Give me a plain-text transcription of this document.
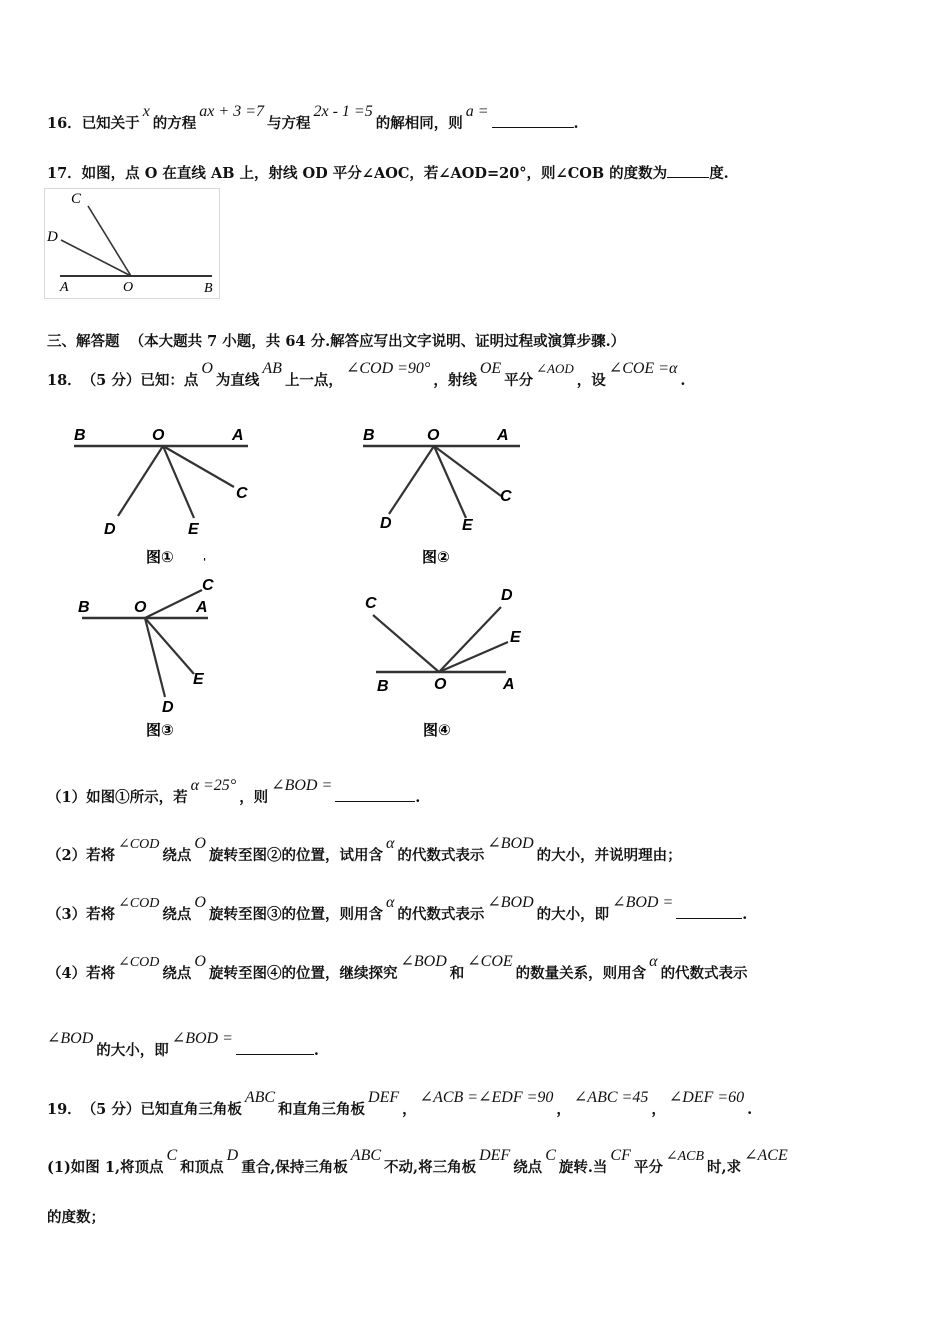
16．已知关于x的方程ax + 3 =7与方程2x - 1 =5的解相同，则a =.
17．如图，点 O 在直线 AB 上，射线 OD 平分∠AOC，若∠AOD=20°，则∠COB 的度数为	度.
C
D
A	O	B
三、解答题 （本大题共 7 小题，共 64 分.解答应写出文字说明、证明过程或演算步骤.）
18．（5 分）已知：点O为直线AB上一点，∠COD =90°，射线OE平分∠AOD，设∠COE =α.
B	O	A
C
D	E
图①	'
B	O	A
C
D	E
图②
B	O	A
C
E
D
图③
C	D
E
B	O	A
图④
（1）如图①所示，若α =25°，则∠BOD =.
（2）若将∠COD绕点O旋转至图②的位置，试用含α的代数式表示∠BOD的大小，并说明理由；
（3）若将∠COD绕点O旋转至图③的位置，则用含α的代数式表示∠BOD的大小，即∠BOD =.
（4）若将∠COD绕点O旋转至图④的位置，继续探究∠BOD和∠COE的数量关系，则用含α的代数式表示
∠BOD的大小，即∠BOD =.
19．（5 分）已知直角三角板ABC和直角三角板DEF，∠ACB =∠EDF =90，∠ABC =45，∠DEF =60.
(1)如图 1,将顶点C和顶点D重合,保持三角板ABC不动,将三角板DEF绕点C旋转.当CF平分∠ACB时,求∠ACE
的度数；
